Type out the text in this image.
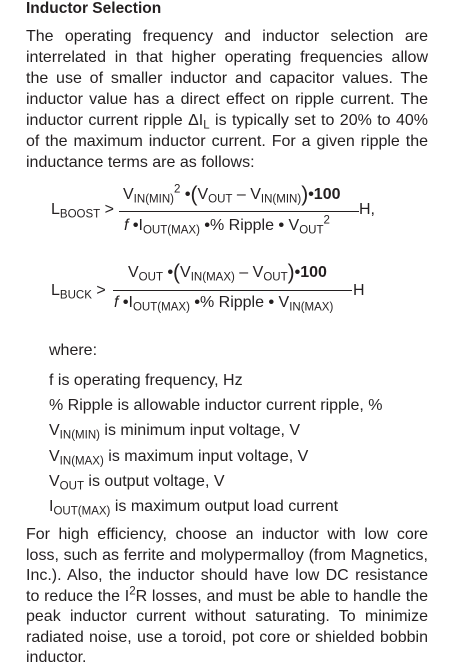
Inductor Selection

The operating frequency and inductor selection are interrelated in that higher operating frequencies allow the use of smaller inductor and capacitor values. The inductor value has a direct effect on ripple current. The inductor current ripple $\Delta I_L$ is typically set to 20% to 40% of the maximum inductor current. For a given ripple the inductance terms are as follows:

$L_{BOOST}$ >
$V_{IN(MIN)}^2$ $•(V_{OUT}$ – $V_{IN(MIN)})•100$
f $•I_{OUT(MAX)}$ •% Ripple • $V_{OUT}^2$
H,
$L_{BUCK}$ >
$V_{OUT}$ $•(V_{IN(MAX)}$ – $V_{OUT})•100$
f $•I_{OUT(MAX)}$ •% Ripple • $V_{IN(MAX)}$
H
where:
f is operating frequency, Hz
% Ripple is allowable inductor current ripple, %
$V_{IN(MIN)}$ is minimum input voltage, V
$V_{IN(MAX)}$ is maximum input voltage, V
$V_{OUT}$ is output voltage, V
$I_{OUT(MAX)}$ is maximum output load current

For high efficiency, choose an inductor with low core loss, such as ferrite and molypermalloy (from Magnetics, Inc.). Also, the inductor should have low DC resistance to reduce the $I^2R$ losses, and must be able to handle the peak inductor current without saturating. To minimize radiated noise, use a toroid, pot core or shielded bobbin inductor.
